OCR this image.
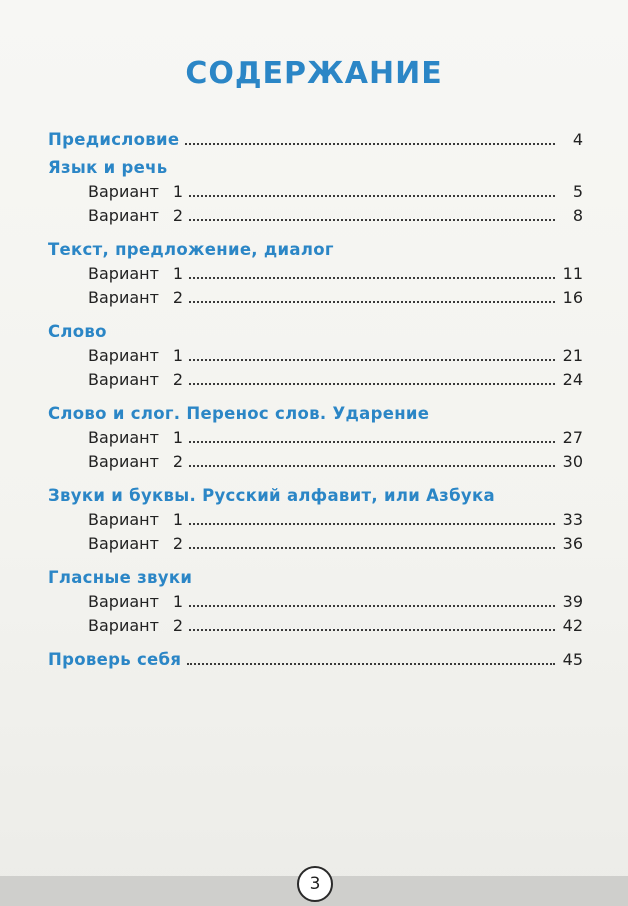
СОДЕРЖАНИЕ
Предисловие	4
Язык и речь
Вариант 1	5
Вариант 2	8
Текст, предложение, диалог
Вариант 1	11
Вариант 2	16
Слово
Вариант 1	21
Вариант 2	24
Слово и слог. Перенос слов. Ударение
Вариант 1	27
Вариант 2	30
Звуки и буквы. Русский алфавит, или Азбука
Вариант 1	33
Вариант 2	36
Гласные звуки
Вариант 1	39
Вариант 2	42
Проверь себя	45
3
